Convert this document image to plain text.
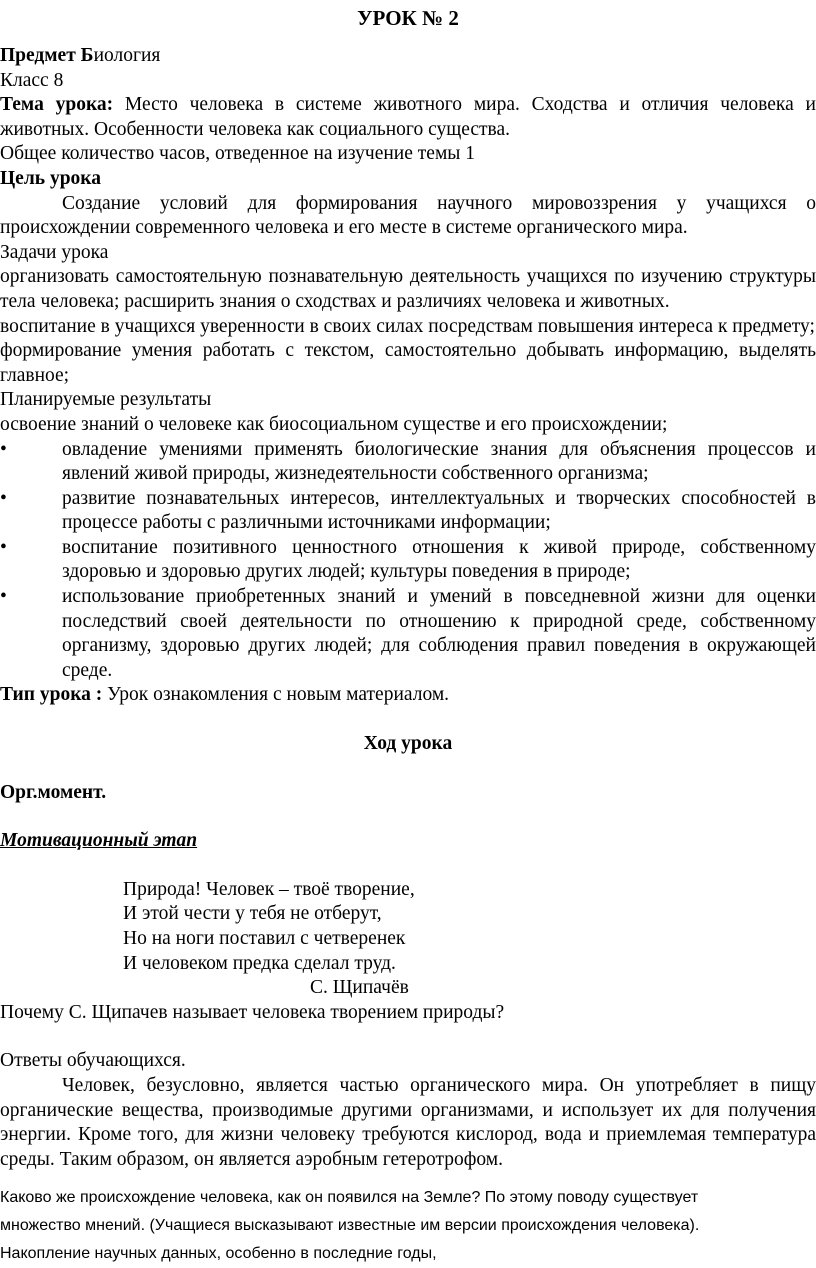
УРОК № 2

Предмет Биология

Класс 8

Тема урока: Место человека в системе животного мира. Сходства и отличия человека и животных. Особенности человека как социального существа.

Общее количество часов, отведенное на изучение темы 1

Цель урока

Создание условий для формирования научного мировоззрения у учащихся о происхождении современного человека и его месте в системе органического мира.

Задачи урока

организовать самостоятельную познавательную деятельность учащихся по изучению структуры тела человека; расширить знания о сходствах и различиях человека и животных.

воспитание в учащихся уверенности в своих силах посредствам повышения интереса к предмету;

формирование умения работать с текстом, самостоятельно добывать информацию, выделять главное;

Планируемые результаты

освоение знаний о человеке как биосоциальном существе и его происхождении;

•	овладение умениями применять биологические знания для объяснения процессов и явлений живой природы, жизнедеятельности собственного организма;
•	развитие познавательных интересов, интеллектуальных и творческих способностей в процессе работы с различными источниками информации;
•	воспитание позитивного ценностного отношения к живой природе, собственному здоровью и здоровью других людей; культуры поведения в природе;
•	использование приобретенных знаний и умений в повседневной жизни для оценки последствий своей деятельности по отношению к природной среде, собственному организму, здоровью других людей; для соблюдения правил поведения в окружающей среде.

Тип урока : Урок ознакомления с новым материалом.

Ход урока

Орг.момент.

Мотивационный этап

Природа! Человек – твоё творение,

И этой чести у тебя не отберут,

Но на ноги поставил с четверенек

И человеком предка сделал труд.

С. Щипачёв

Почему С. Щипачев называет человека творением природы?

Ответы обучающихся.

Человек, безусловно, является частью органического мира. Он употребляет в пищу органические вещества, производимые другими организмами, и использует их для получения энергии. Кроме того, для жизни человеку требуются кислород, вода и приемлемая температура среды. Таким образом, он является аэробным гетеротрофом.

Каково же происхождение человека, как он появился на Земле? По этому поводу существует

множество мнений. (Учащиеся высказывают известные им версии происхождения человека).

Накопление научных данных, особенно в последние годы,
